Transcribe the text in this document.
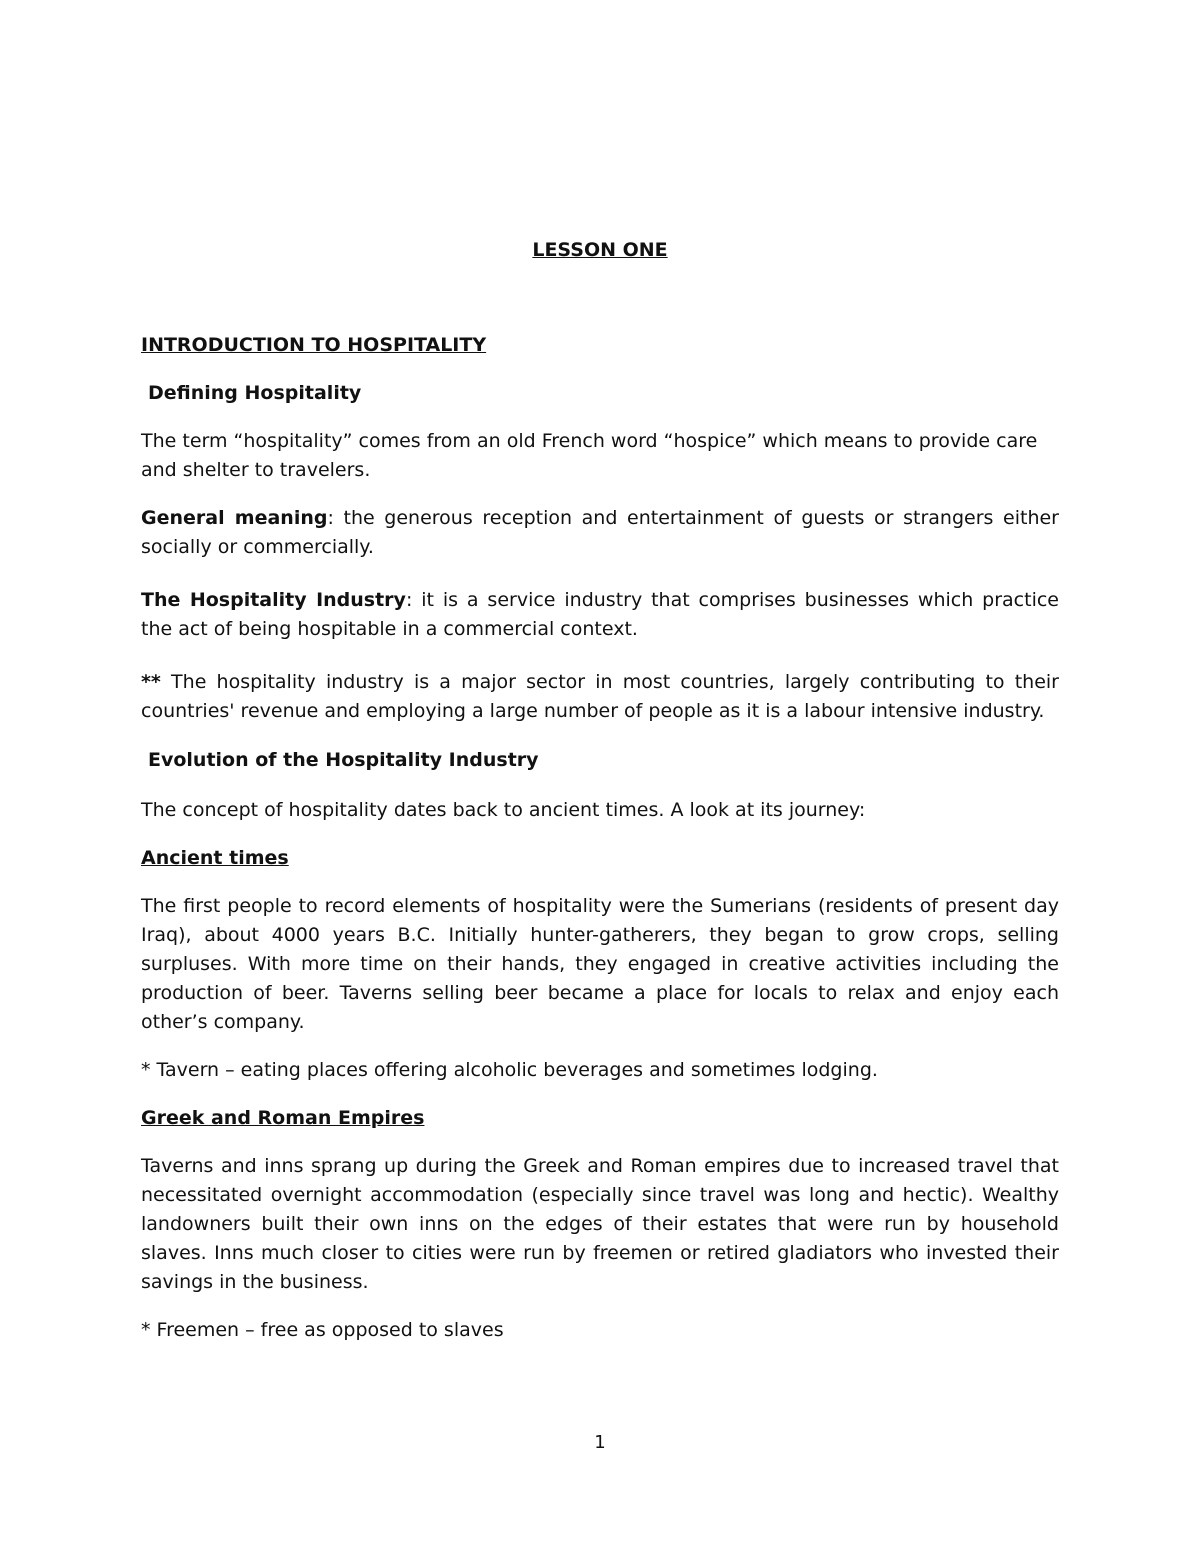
LESSON ONE
INTRODUCTION TO HOSPITALITY
Defining Hospitality

The term “hospitality” comes from an old French word “hospice” which means to provide care and shelter to travelers.

General meaning: the generous reception and entertainment of guests or strangers either socially or commercially.

The Hospitality Industry: it is a service industry that comprises businesses which practice the act of being hospitable in a commercial context.

** The hospitality industry is a major sector in most countries, largely contributing to their countries' revenue and employing a large number of people as it is a labour intensive industry.

Evolution of the Hospitality Industry

The concept of hospitality dates back to ancient times. A look at its journey:

Ancient times

The first people to record elements of hospitality were the Sumerians (residents of present day Iraq), about 4000 years B.C. Initially hunter-gatherers, they began to grow crops, selling surpluses. With more time on their hands, they engaged in creative activities including the production of beer. Taverns selling beer became a place for locals to relax and enjoy each other’s company.

* Tavern – eating places offering alcoholic beverages and sometimes lodging.

Greek and Roman Empires

Taverns and inns sprang up during the Greek and Roman empires due to increased travel that necessitated overnight accommodation (especially since travel was long and hectic). Wealthy landowners built their own inns on the edges of their estates that were run by household slaves. Inns much closer to cities were run by freemen or retired gladiators who invested their savings in the business.

* Freemen – free as opposed to slaves

1
